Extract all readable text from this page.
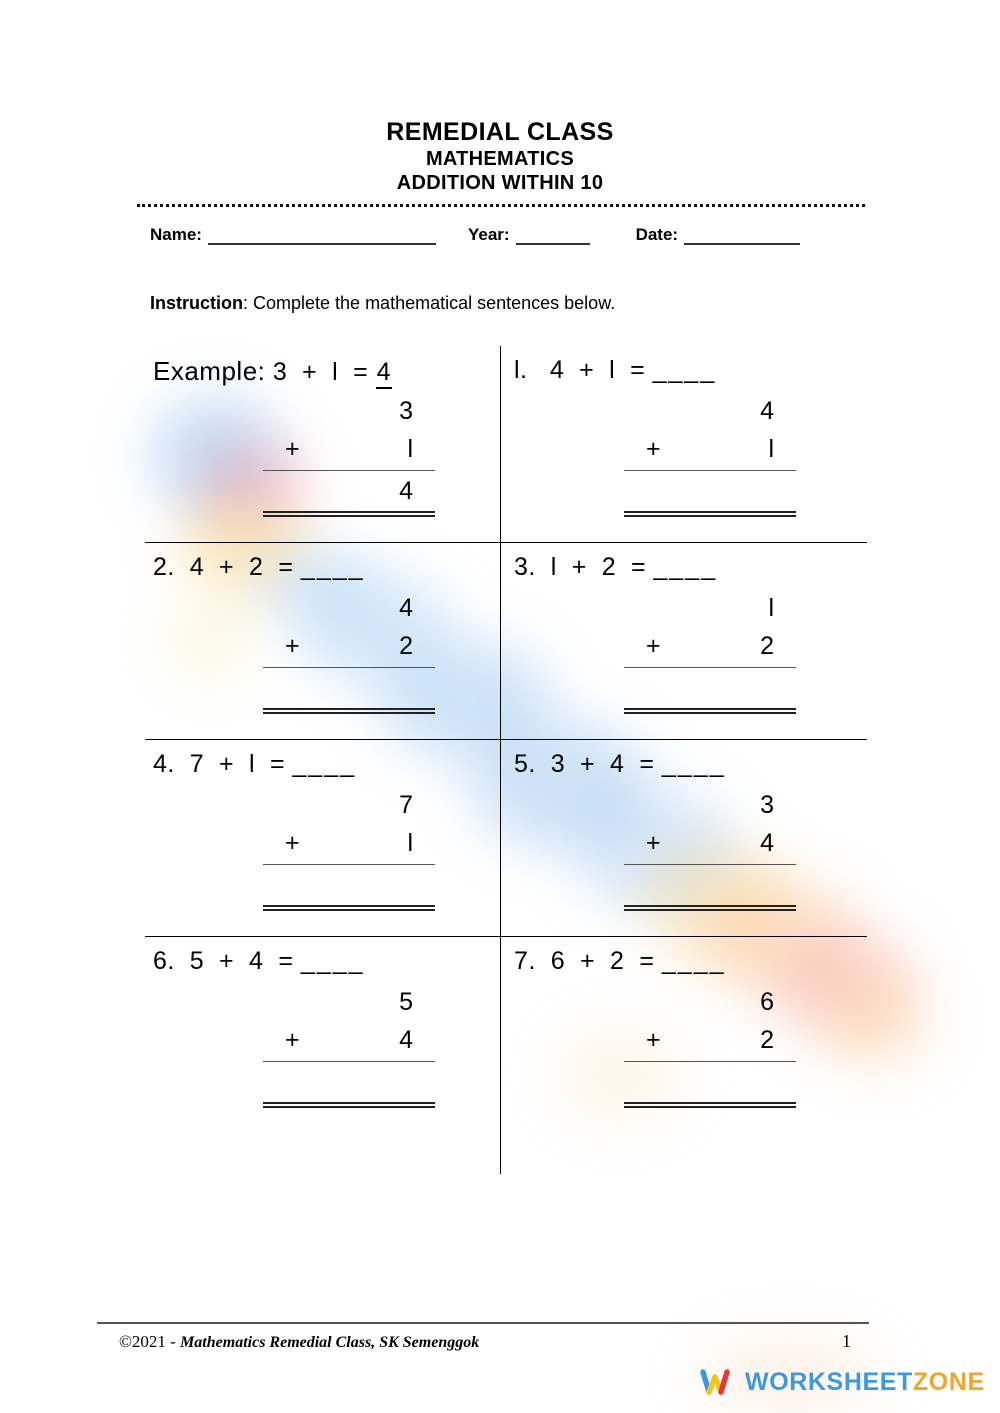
REMEDIAL CLASS
MATHEMATICS
ADDITION WITHIN 10
Name:	Year:	Date:
Instruction: Complete the mathematical sentences below.
Example: 3  +  l  = 4
3
+	l
4
l.   4  +  l  = ____
4
+	l
2.  4  +  2  = ____
4
+	2
3.  l  +  2  = ____
l
+	2
4.  7  +  l  = ____
7
+	l
5.  3  +  4  = ____
3
+	4
6.  5  +  4  = ____
5
+	4
7.  6  +  2  = ____
6
+	2
©2021 - Mathematics Remedial Class, SK Semenggok	1
WORKSHEETZONE
